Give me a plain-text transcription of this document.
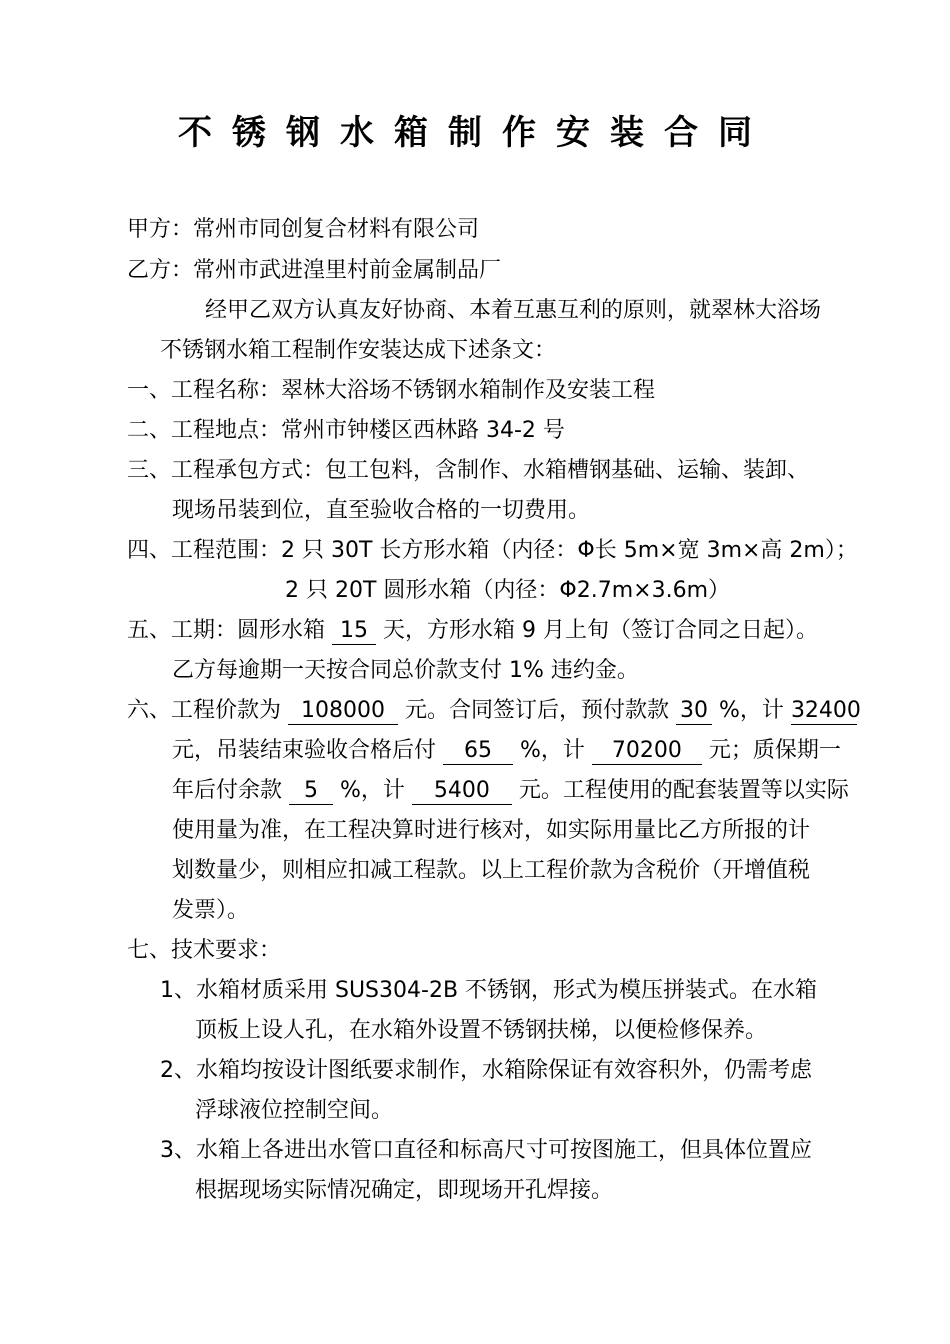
不锈钢水箱制作安装合同
甲方：常州市同创复合材料有限公司
乙方：常州市武进湟里村前金属制品厂
经甲乙双方认真友好协商、本着互惠互利的原则，就翠林大浴场
不锈钢水箱工程制作安装达成下述条文：
一、工程名称：翠林大浴场不锈钢水箱制作及安装工程
二、工程地点：常州市钟楼区西林路 34-2 号
三、工程承包方式：包工包料，含制作、水箱槽钢基础、运输、装卸、
现场吊装到位，直至验收合格的一切费用。
四、工程范围：2 只 30T 长方形水箱（内径：Φ长 5m×宽 3m×高 2m）；
2 只 20T 圆形水箱（内径：Φ2.7m×3.6m）
五、工期：圆形水箱 15 天，方形水箱 9 月上旬（签订合同之日起）。
乙方每逾期一天按合同总价款支付 1% 违约金。
六、工程价款为 108000 元。合同签订后，预付款款 30 %，计 32400
元，吊装结束验收合格后付 65 %，计 70200 元；质保期一
年后付余款 5 %，计 5400 元。工程使用的配套装置等以实际
使用量为准，在工程决算时进行核对，如实际用量比乙方所报的计
划数量少，则相应扣减工程款。以上工程价款为含税价（开增值税
发票）。
七、技术要求：
1、水箱材质采用 SUS304-2B 不锈钢，形式为模压拼装式。在水箱
顶板上设人孔，在水箱外设置不锈钢扶梯，以便检修保养。
2、水箱均按设计图纸要求制作，水箱除保证有效容积外，仍需考虑
浮球液位控制空间。
3、水箱上各进出水管口直径和标高尺寸可按图施工，但具体位置应
根据现场实际情况确定，即现场开孔焊接。
